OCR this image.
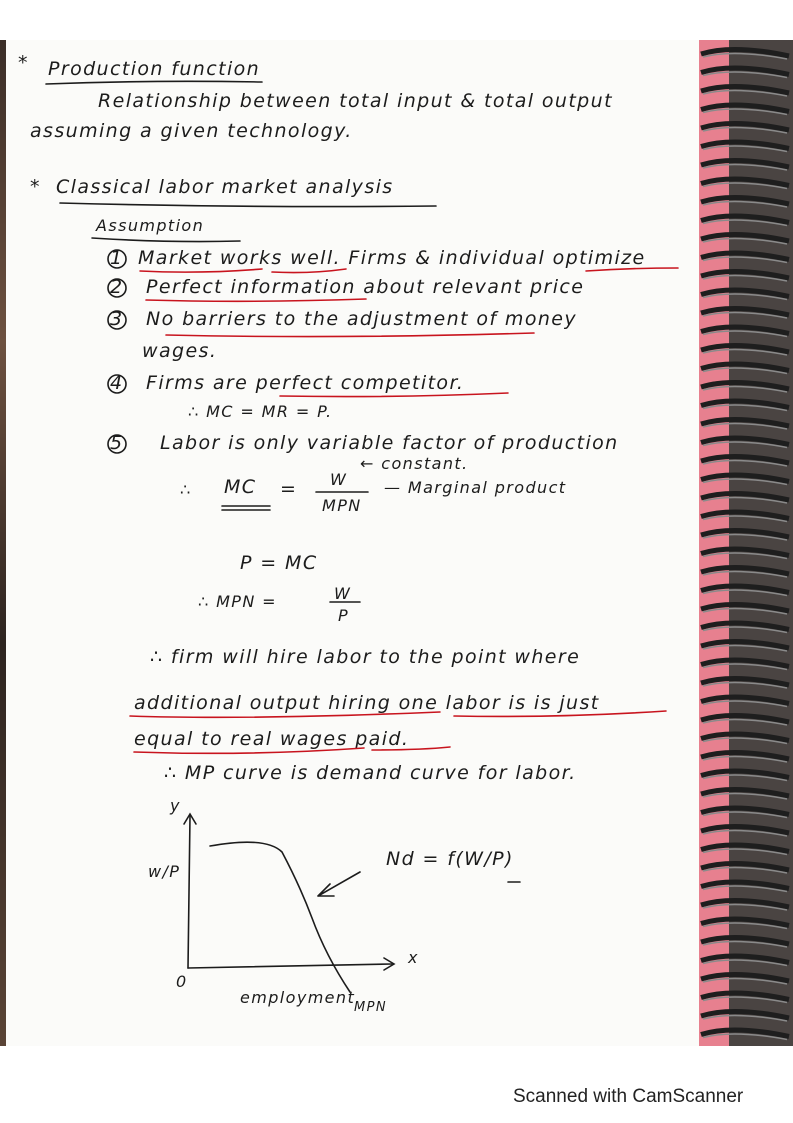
* Production function
Relationship between total input & total output
assuming a given technology.
* Classical labor market analysis
Assumption
1 Market works well. Firms & individual optimize
2 Perfect information about relevant price
3 No barriers to the adjustment of money
wages.
4 Firms are perfect competitor.
∴ MC = MR = P.
5 Labor is only variable factor of production
∴ MC = W
MPN
← constant.
— Marginal product
P = MC
∴ MPN =	W
P
∴ firm will hire labor to the point where
additional output hiring one labor is is just
equal to real wages paid.
∴ MP curve is demand curve for labor.
y
w/P
0
x
employment
MPN
Nd = f(W/P)
Scanned with CamScanner
